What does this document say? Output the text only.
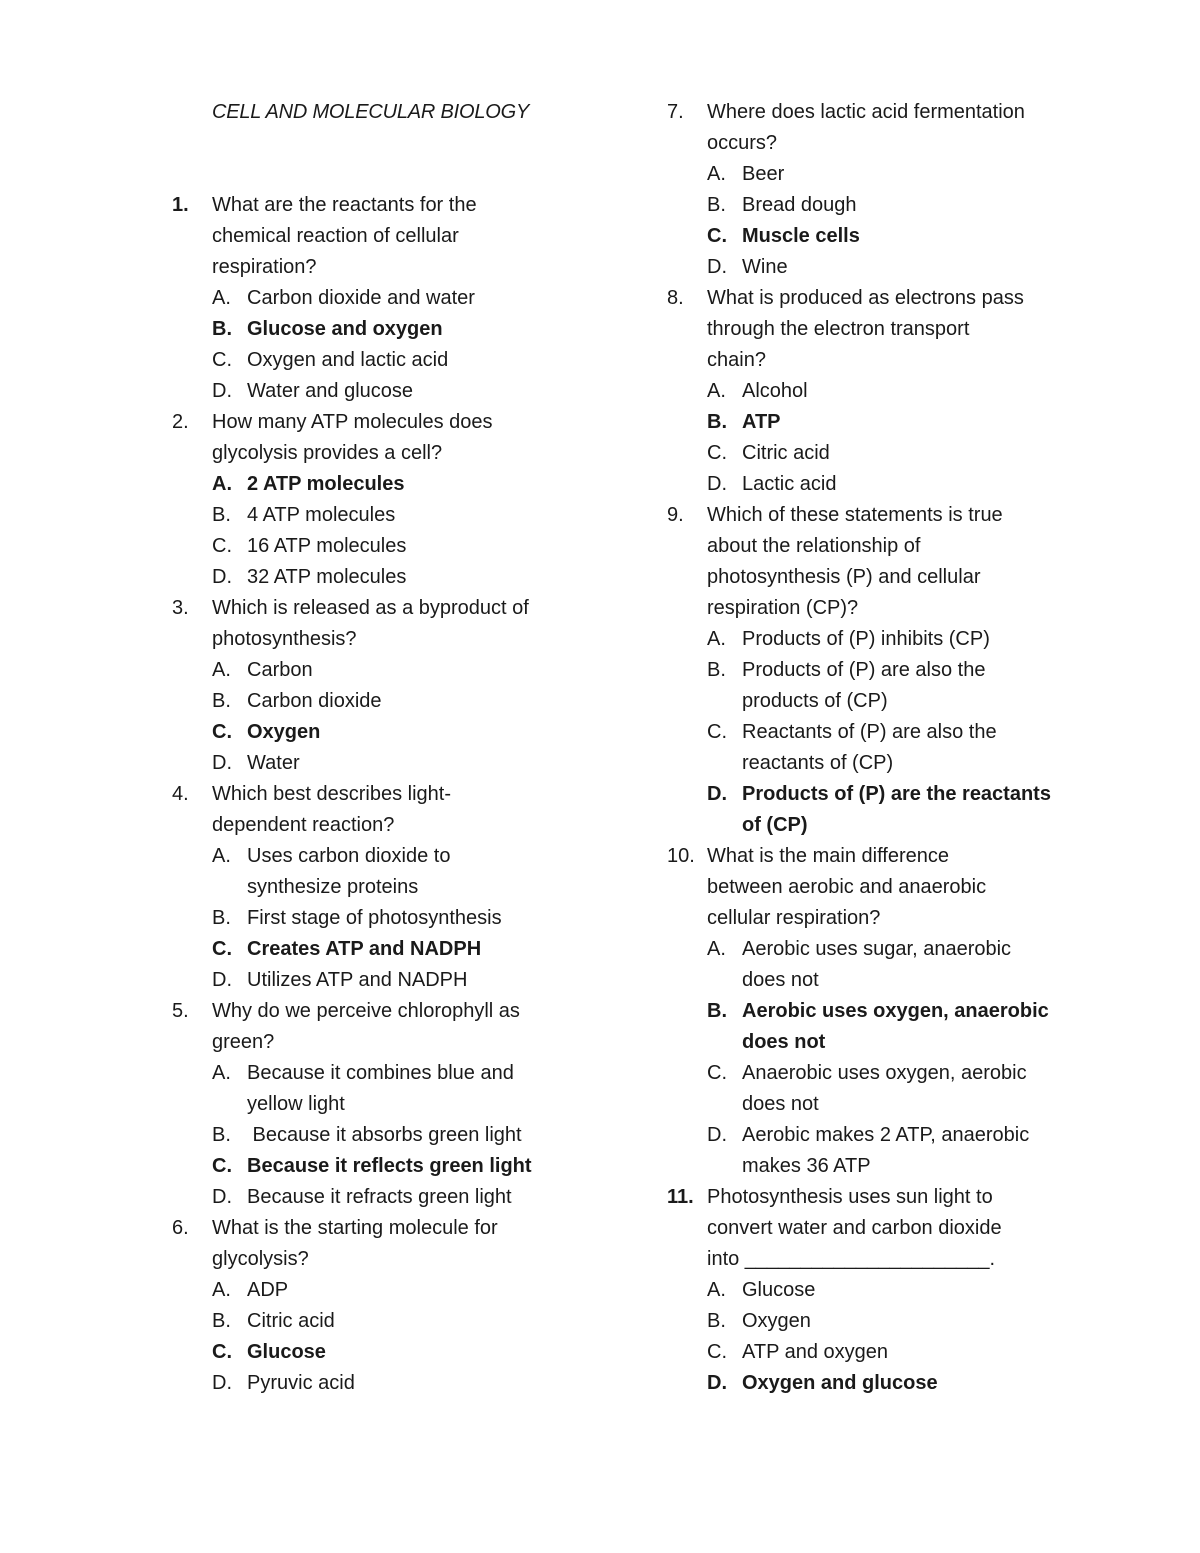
CELL AND MOLECULAR BIOLOGY
1. What are the reactants for the
chemical reaction of cellular
respiration?
A. Carbon dioxide and water
B. Glucose and oxygen
C. Oxygen and lactic acid
D. Water and glucose
2. How many ATP molecules does
glycolysis provides a cell?
A. 2 ATP molecules
B. 4 ATP molecules
C. 16 ATP molecules
D. 32 ATP molecules
3. Which is released as a byproduct of
photosynthesis?
A. Carbon
B. Carbon dioxide
C. Oxygen
D. Water
4. Which best describes light-
dependent reaction?
A. Uses carbon dioxide to
synthesize proteins
B. First stage of photosynthesis
C. Creates ATP and NADPH
D. Utilizes ATP and NADPH
5. Why do we perceive chlorophyll as
green?
A. Because it combines blue and
yellow light
B. Because it absorbs green light
C. Because it reflects green light
D. Because it refracts green light
6. What is the starting molecule for
glycolysis?
A. ADP
B. Citric acid
C. Glucose
D. Pyruvic acid
7. Where does lactic acid fermentation
occurs?
A. Beer
B. Bread dough
C. Muscle cells
D. Wine
8. What is produced as electrons pass
through the electron transport
chain?
A. Alcohol
B. ATP
C. Citric acid
D. Lactic acid
9. Which of these statements is true
about the relationship of
photosynthesis (P) and cellular
respiration (CP)?
A. Products of (P) inhibits (CP)
B. Products of (P) are also the
products of (CP)
C. Reactants of (P) are also the
reactants of (CP)
D. Products of (P) are the reactants
of (CP)
10. What is the main difference
between aerobic and anaerobic
cellular respiration?
A. Aerobic uses sugar, anaerobic
does not
B. Aerobic uses oxygen, anaerobic
does not
C. Anaerobic uses oxygen, aerobic
does not
D. Aerobic makes 2 ATP, anaerobic
makes 36 ATP
11. Photosynthesis uses sun light to
convert water and carbon dioxide
into ______________________.
A. Glucose
B. Oxygen
C. ATP and oxygen
D. Oxygen and glucose
